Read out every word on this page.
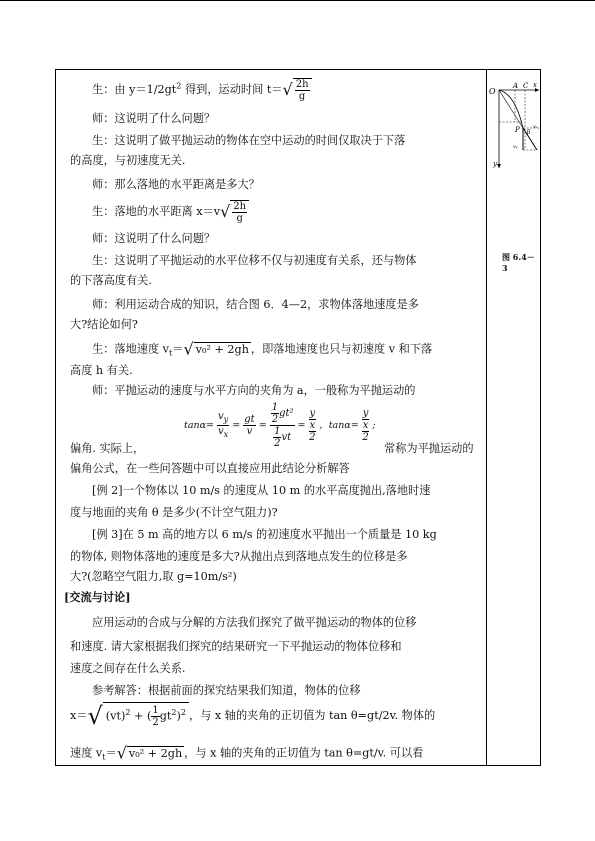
生：由 $y=1/2gt^2$ 得到，运动时间 $t=√ \frac{2h}{g}$
师：这说明了什么问题？
生：这说明了做平抛运动的物体在空中运动的时间仅取决于下落
的高度，与初速度无关.
师：那么落地的水平距离是多大？
生：落地的水平距离 $x=v√ \frac{2h}{g}$
师：这说明了什么问题？
生：这说明了平抛运动的水平位移不仅与初速度有关系，还与物体
的下落高度有关.
师：利用运动合成的知识，结合图 6．4—2，求物体落地速度是多
大?结论如何?
生：落地速度 $v_t=√$ v₀² + 2gh ，即落地速度也只与初速度 v 和下落
高度 h 有关.
师：平抛运动的速度与水平方向的夹角为 a，一般称为平抛运动的
$\tan\alpha= \frac{v_y}{v_x} = \frac{gt}{v} = \frac{\frac{1}{2} gt^2}{\frac{1}{2} vt} = \frac{y}{\frac{x}{2}}$ ，$\tan\alpha= \frac{y}{\frac{x}{2}}$ ;
偏角. 实际上，	常称为平抛运动的
偏角公式，在一些问答题中可以直接应用此结论分析解答
[例 2]一个物体以 10 m/s 的速度从 10 m 的水平高度抛出,落地时速
度与地面的夹角 θ 是多少(不计空气阻力)?
[例 3]在 5 m 高的地方以 6 m/s 的初速度水平抛出一个质量是 10 kg
的物体, 则物体落地的速度是多大?从抛出点到落地点发生的位移是多
大?(忽略空气阻力,取 g=10m/s²)
[交流与讨论]
应用运动的合成与分解的方法我们探究了做平抛运动的物体的位移
和速度. 请大家根据我们探究的结果研究一下平抛运动的物体位移和
速度之间存在什么关系.
参考解答：根据前面的探究结果我们知道，物体的位移
x＝√ (vt)$^2$ + ( $\frac{1}{2} gt^2)^2$ ，与 x 轴的夹角的正切值为 tan θ=gt/2v. 物体的
速度 $v_t=√$ v₀² + 2gh ，与 x 轴的夹角的正切值为 tan θ=gt/v. 可以看
O
A C x
y
P β
vₜ
vᵧ
图 6.4－3
